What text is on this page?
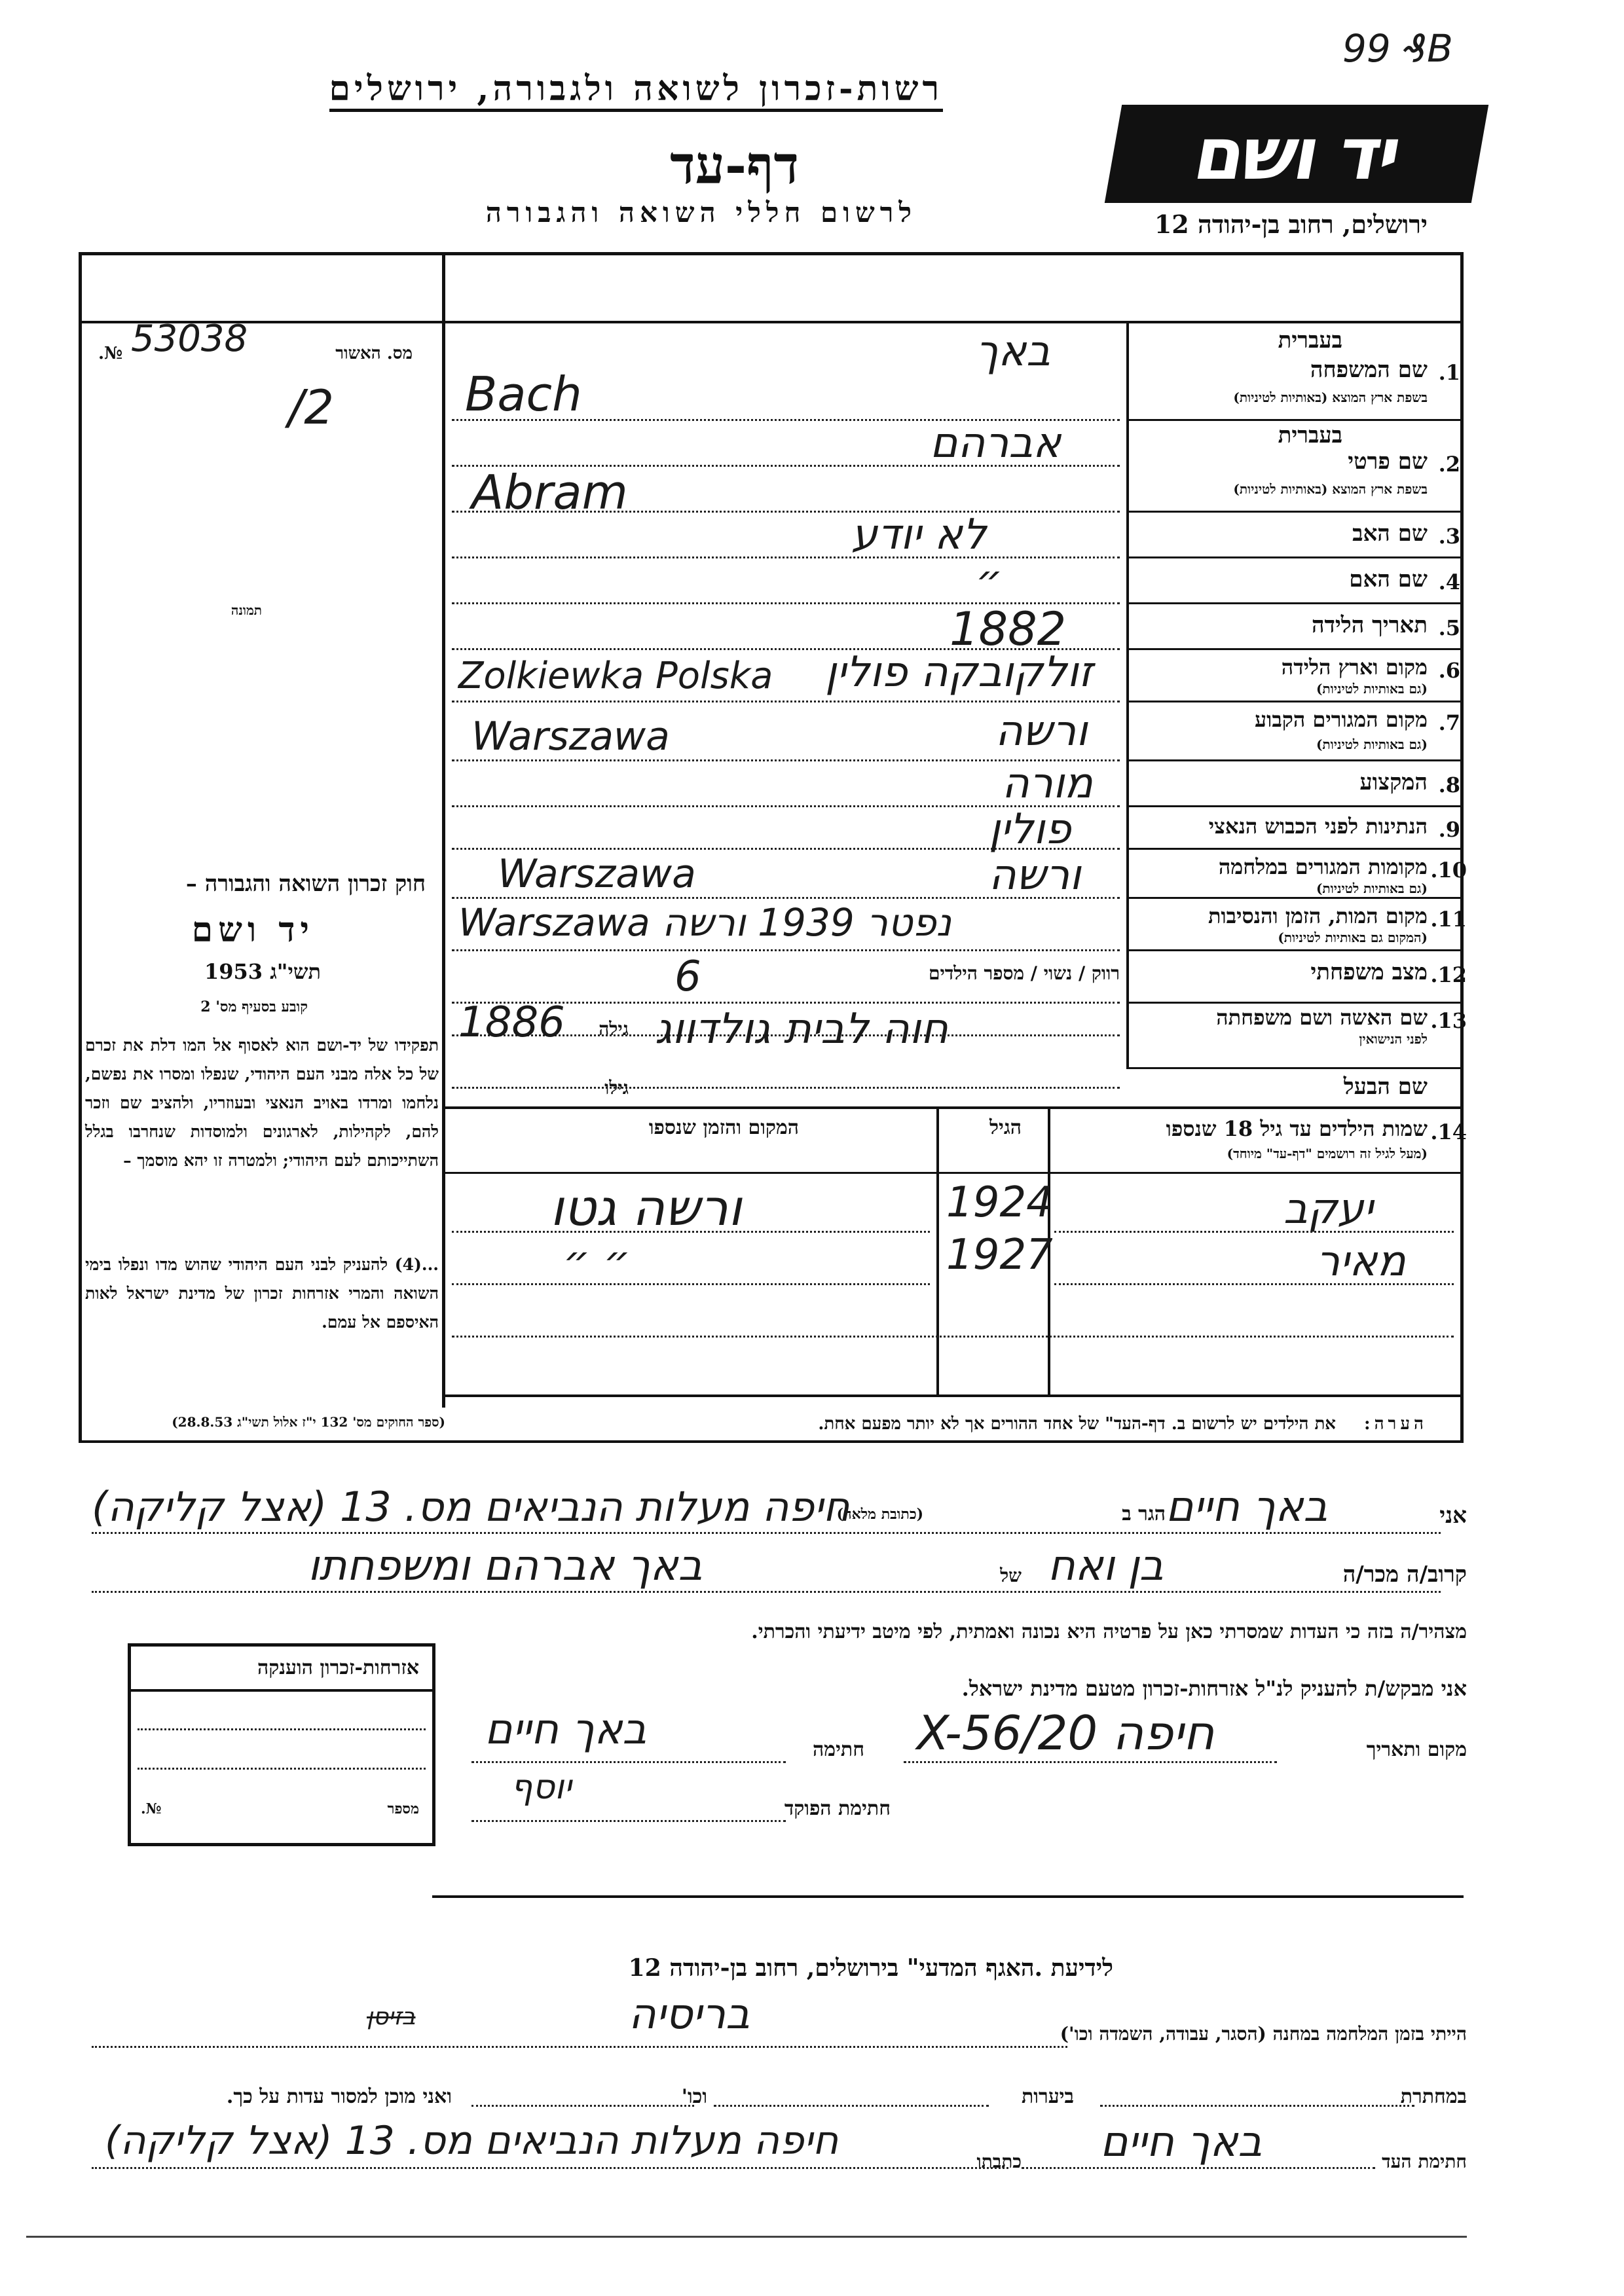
רשות-זכרון לשואה ולגבורה, ירושלים
דף-עד
לרשום חללי השואה והגבורה
יד ושם
99 ₰B
ירושלים, רחוב בן-יהודה 12
מס. האשור
№. 53038
/2
תמונה
חוק זכרון השואה והגבורה –
יד ושם
תשי"ג 1953
קובע בסעיף מס' 2
תפקידו של יד-ושם הוא לאסוף אל המו דלת את זכרם של כל אלה מבני העם היהודי, שנפלו ומסרו את נפשם, נלחמו ומרדו באויב הנאצי ובעוזריו, ולהציב שם וזכר להם, לקהילות, לארגונים ולמוסדות שנחרבו בגלל השתייכותם לעם היהודי; ולמטרה זו יהא מוסמך –
...(4) להעניק לבני העם היהודי שהוש מדו ונפלו בימי השואה והמרי אזרחות זכרון של מדינת ישראל לאות האיספם אל עמם.
(ספר החוקים מס' 132 י"ז אלול תשי"ג 28.8.53)
בעברית
1.
שם המשפחה
בשפת ארץ המוצא (באותיות לטיניות)
בעברית
2.
שם פרטי
בשפת ארץ המוצא (באותיות לטיניות)
3.
שם האב
4.
שם האם
5.
תאריך הלידה
6.
מקום וארץ הלידה
(גם באותיות לטיניות)
7.
מקום המגורים הקבוע
(גם באותיות לטיניות)
8.
המקצוע
9.
הנתינות לפני הכבוש הנאצי
10.
מקומות המגורים במלחמה
(גם באותיות לטיניות)
11.
מקום המות, הזמן והנסיבות
(המקום גם באותיות לטיניות)
12.
מצב משפחתי
רווק / נשוי / מספר הילדים
13.
שם האשה ושם משפחתה
לפני הנישואין
גילה
שם הבעל
גילו
באך
Bach
אברהם
Abram
לא יודע
״
1882
זולקובקה פולין
Zolkiewka Polska
ורשה
Warszawa
מורה
פולין
ורשה
Warszawa
נפטר 1939 ורשה Warszawa
6
חוה לבית גולדווג
1886
14.
שמות הילדים עד גיל 18 שנספו
(מעל לגיל זה רושמים "דף-עד" מיוחד)
הגיל
המקום והזמן שנספו
יעקב
1924
ורשה גטו
מאיר
1927
״ ״
הערה:
את הילדים יש לרשום ב. דף-העד" של אחד ההורים אך לא יותר מפעם אחת.
אני
באך חיים
הגר ב
(כתובת מלאה)
חיפה מעלות הנביאים מס. 13 (אצל קליקה)
קרוב/ה מכר/ה
בן ואח
של
באך אברהם ומשפחתו
מצהיר/ה בזה כי העדות שמסרתי כאן על פרטיה היא נכונה ואמתית, לפי מיטב ידיעתי והכרתי.
אזרחות-זכרון הוענקה
מספר
№.
אני מבקש/ת להעניק לנ"ל אזרחות-זכרון מטעם מדינת ישראל.
מקום ותאריך
חיפה 20/X-56
חתימה
באך חיים
חתימת הפוקד
יוסף
לידיעת .האגף המדעי" בירושלים, רחוב בן-יהודה 12
הייתי בזמן המלחמה במחנה (הסגר, עבודה, השמדה וכו')
בריסיה
בזיסן
במחתרת
ביערות
וכו'
ואני מוכן למסור עדות על כך.
חתימת העד
באך חיים
כתבתו
חיפה מעלות הנביאים מס. 13 (אצל קליקה)
